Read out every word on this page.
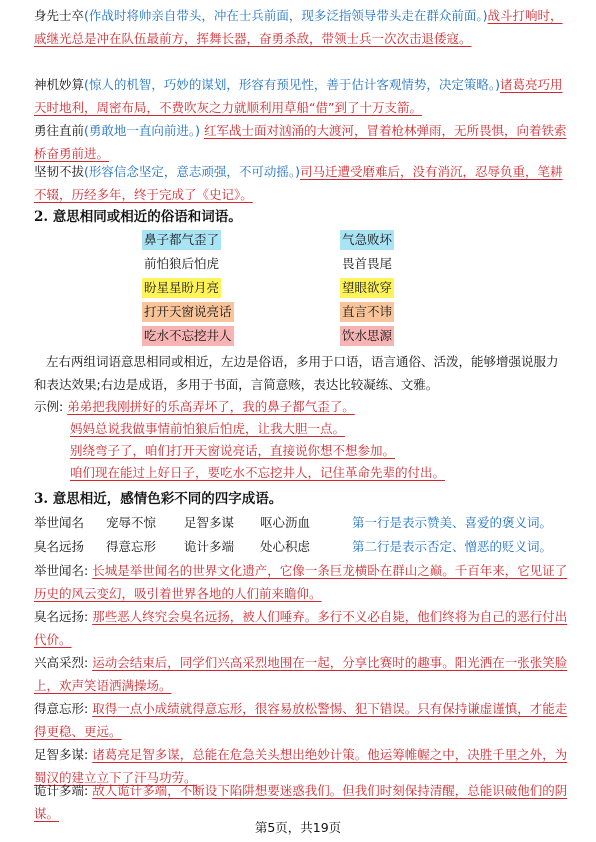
身先士卒(作战时将帅亲自带头，冲在士兵前面，现多泛指领导带头走在群众前面。)战斗打响时，戚继光总是冲在队伍最前方，挥舞长器，奋勇杀敌，带领士兵一次次击退倭寇。
神机妙算(惊人的机智，巧妙的谋划，形容有预见性，善于估计客观情势，决定策略。)诸葛亮巧用天时地利，周密布局，不费吹灰之力就顺利用草船“借”到了十万支箭。
勇往直前(勇敢地一直向前进。) 红军战士面对汹涌的大渡河，冒着枪林弹雨，无所畏惧，向着铁索桥奋勇前进。
坚韧不拔(形容信念坚定，意志顽强，不可动摇。)司马迁遭受磨难后，没有消沉，忍辱负重，笔耕不辍，历经多年，终于完成了《史记》。
2. 意思相同或相近的俗语和词语。
鼻子都气歪了	气急败坏
前怕狼后怕虎	畏首畏尾
盼星星盼月亮	望眼欲穿
打开天窗说亮话	直言不讳
吃水不忘挖井人	饮水思源
左右两组词语意思相同或相近，左边是俗语，多用于口语，语言通俗、活泼，能够增强说服力和表达效果;右边是成语，多用于书面，言简意赅，表达比较凝练、文雅。
示例: 弟弟把我刚拼好的乐高弄坏了，我的鼻子都气歪了。
妈妈总说我做事情前怕狼后怕虎，让我大胆一点。
别绕弯子了，咱们打开天窗说亮话，直接说你想不想参加。
咱们现在能过上好日子，要吃水不忘挖井人，记住革命先辈的付出。
3. 意思相近，感情色彩不同的四字成语。
举世闻名 宠辱不惊 足智多谋 呕心沥血	第一行是表示赞美、喜爱的褒义词。
臭名远扬 得意忘形 诡计多端 处心积虑	第二行是表示否定、憎恶的贬义词。
举世闻名: 长城是举世闻名的世界文化遗产，它像一条巨龙横卧在群山之巅。千百年来，它见证了历史的风云变幻，吸引着世界各地的人们前来瞻仰。
臭名远扬: 那些恶人终究会臭名远扬，被人们唾弃。多行不义必自毙，他们终将为自己的恶行付出代价。
兴高采烈: 运动会结束后，同学们兴高采烈地围在一起，分享比赛时的趣事。阳光洒在一张张笑脸上，欢声笑语洒满操场。
得意忘形: 取得一点小成绩就得意忘形，很容易放松警惕、犯下错误。只有保持谦虚谨慎，才能走得更稳、更远。
足智多谋: 诸葛亮足智多谋，总能在危急关头想出绝妙计策。他运筹帷幄之中，决胜千里之外，为蜀汉的建立立下了汗马功劳。
诡计多端: 敌人诡计多端，不断设下陷阱想要迷惑我们。但我们时刻保持清醒，总能识破他们的阴谋。
第5页，共19页
